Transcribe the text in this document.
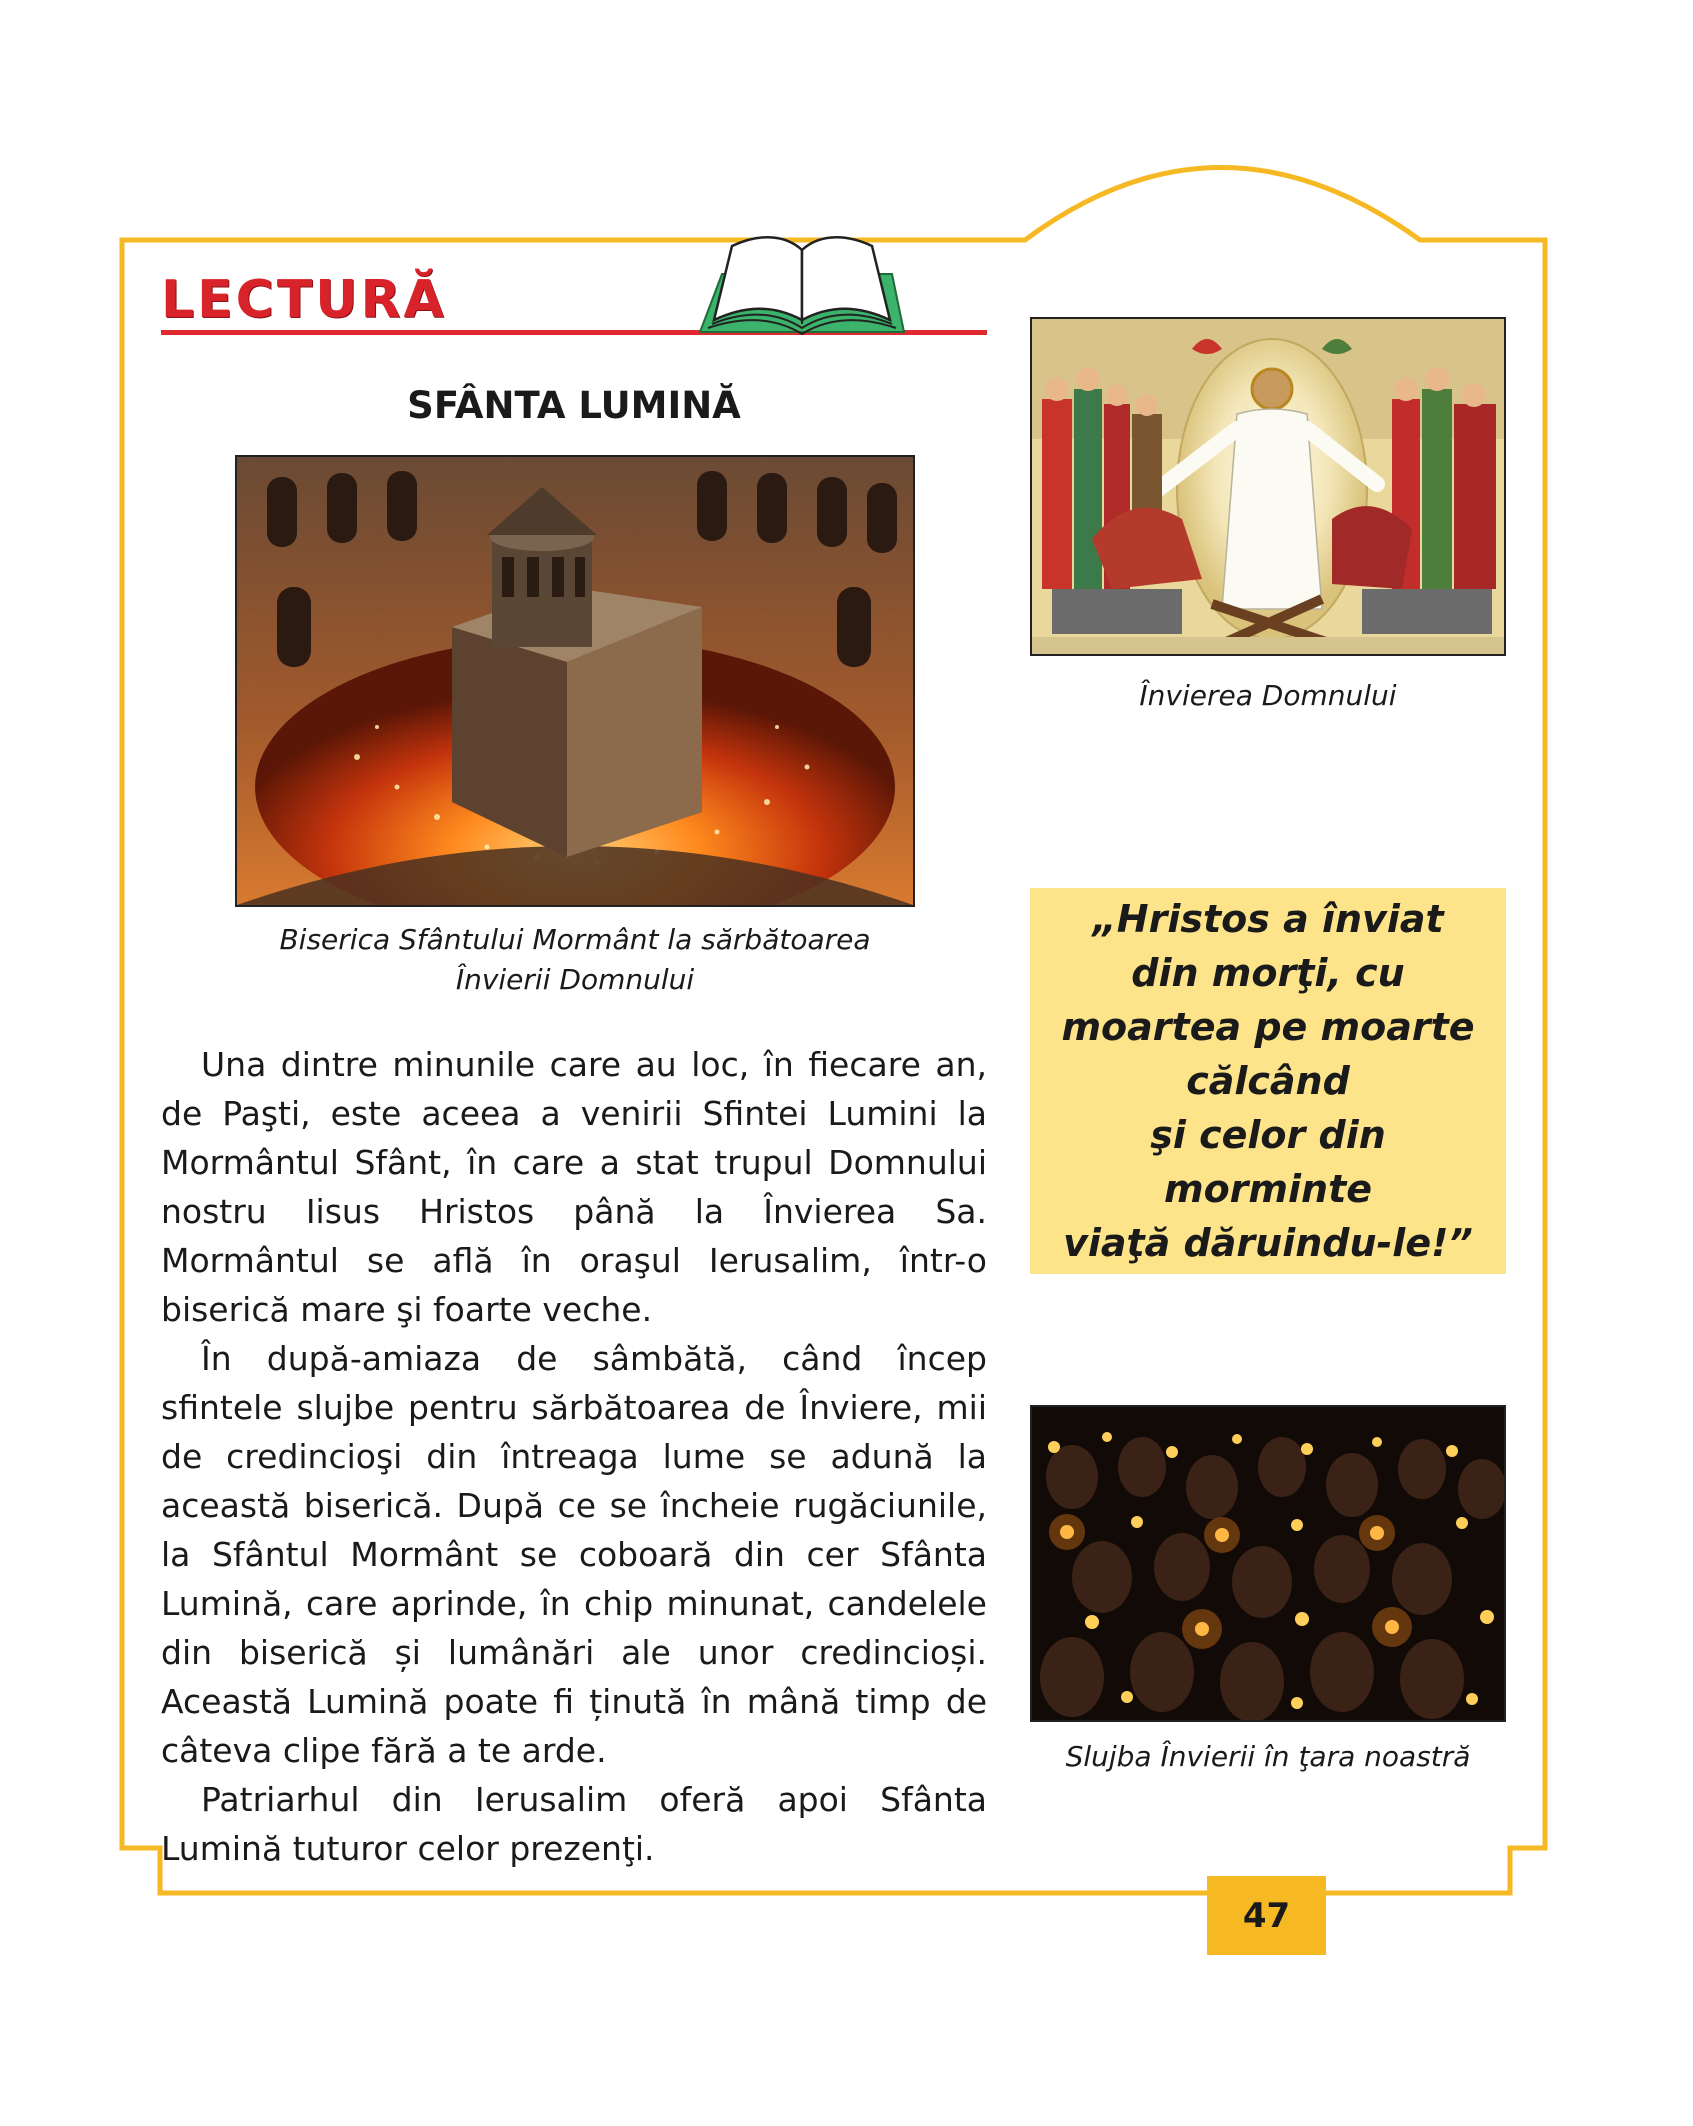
LECTURĂ
SFÂNTA LUMINĂ

Biserica Sfântului Mormânt la sărbătoarea Învierii Domnului

Una dintre minunile care au loc, în fiecare an, de Paşti, este aceea a venirii Sfintei Lumini la Mormântul Sfânt, în care a stat trupul Domnului nostru Iisus Hristos până la Învierea Sa. Mormântul se află în oraşul Ierusalim, într-o biserică mare şi foarte veche.

În după-amiaza de sâmbătă, când încep sfintele slujbe pentru sărbătoarea de Înviere, mii de credincioşi din întreaga lume se adună la această biserică. După ce se încheie rugăciunile, la Sfântul Mormânt se coboară din cer Sfânta Lumină, care aprinde, în chip minunat, candelele din biserică și lumânări ale unor credincioși. Această Lumină poate fi ținută în mână timp de câteva clipe fără a te arde.

Patriarhul din Ierusalim oferă apoi Sfânta Lumină tuturor celor prezenţi.

Învierea Domnului

„Hristos a înviat
din morţi, cu
moartea pe moarte
călcând
şi celor din morminte
viaţă dăruindu-le!”

Slujba Învierii în ţara noastră

47
